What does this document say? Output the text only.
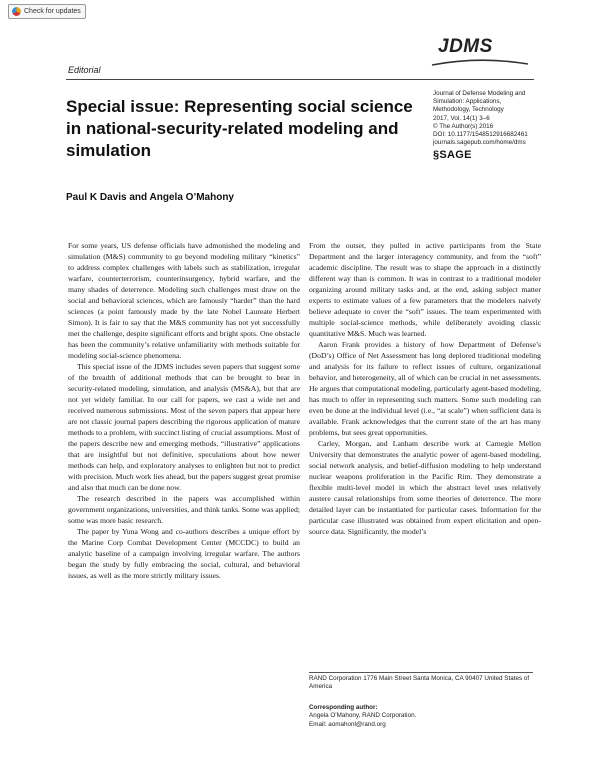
Check for updates
JDMS
Editorial
Special issue: Representing social science in national-security-related modeling and simulation
Journal of Defense Modeling and
Simulation: Applications,
Methodology, Technology
2017, Vol. 14(1) 3–6
© The Author(s) 2016
DOI: 10.1177/1548512916682461
journals.sagepub.com/home/dms
§SAGE
Paul K Davis and Angela O’Mahony

For some years, US defense officials have admonished the modeling and simulation (M&S) community to go beyond modeling military “kinetics” to address complex challenges with labels such as stabilization, irregular warfare, counterterrorism, counterinsurgency, hybrid warfare, and the many shades of deterrence. Modeling such challenges must draw on the social and behavioral sciences, which are famously “harder” than the hard sciences (a point famously made by the late Nobel Laureate Herbert Simon). It is fair to say that the M&S community has not yet successfully met the challenge, despite significant efforts and bright spots. One obstacle has been the community’s relative unfamiliarity with methods suitable for modeling social-science phenomena.

This special issue of the JDMS includes seven papers that suggest some of the breadth of additional methods that can be brought to bear in security-related modeling, simulation, and analysis (MS&A), but that are not yet widely familiar. In our call for papers, we cast a wide net and received numerous submissions. Most of the seven papers that appear here are not classic journal papers describing the rigorous application of mature methods to a problem, with succinct listing of crucial assumptions. Most of the papers describe new and emerging methods, “illustrative” applications that are insightful but not definitive, speculations about how newer methods can help, and exploratory analyses to enlighten but not to predict with precision. Much work lies ahead, but the papers suggest great promise and also that much can be done now.

The research described in the papers was accomplished within government organizations, universities, and think tanks. Some was applied; some was more basic research.

The paper by Yuna Wong and co-authors describes a unique effort by the Marine Corp Combat Development Center (MCCDC) to build an analytic baseline of a campaign involving irregular warfare. The authors began the study by fully embracing the social, cultural, and behavioral issues, as well as the more strictly military issues.

From the outset, they pulled in active participants from the State Department and the larger interagency community, and from the “soft” academic discipline. The result was to shape the approach in a distinctly different way than is common. It was in contrast to a traditional modeler organizing around military tasks and, at the end, asking subject matter experts to estimate values of a few parameters that the modelers naively believe adequate to cover the “soft” issues. The team experimented with multiple social-science methods, while deliberately avoiding classic quantitative M&S. Much was learned.

Aaron Frank provides a history of how Department of Defense’s (DoD’s) Office of Net Assessment has long deplored traditional modeling and analysis for its failure to reflect issues of culture, organizational behavior, and heterogeneity, all of which can be crucial in net assessments. He argues that computational modeling, particularly agent-based modeling, has much to offer in representing such matters. Some such modeling can even be done at the individual level (i.e., “at scale”) when sufficient data is available. Frank acknowledges that the current state of the art has many problems, but sees great opportunities.

Carley, Morgan, and Lanham describe work at Carnegie Mellon University that demonstrates the analytic power of agent-based modeling, social network analysis, and belief-diffusion modeling to help understand nuclear weapons proliferation in the Pacific Rim. They demonstrate a flexible multi-level model in which the abstract level uses relatively austere causal relationships from some theories of deterrence. The more detailed layer can be instantiated for particular cases. Information for the particular case illustrated was obtained from expert elicitation and open-source data. Significantly, the model’s

RAND Corporation 1776 Main Street Santa Monica, CA 90407 United States of America
Corresponding author:
Angela O’Mahony, RAND Corporation.
Email: aomahonl@rand.org
